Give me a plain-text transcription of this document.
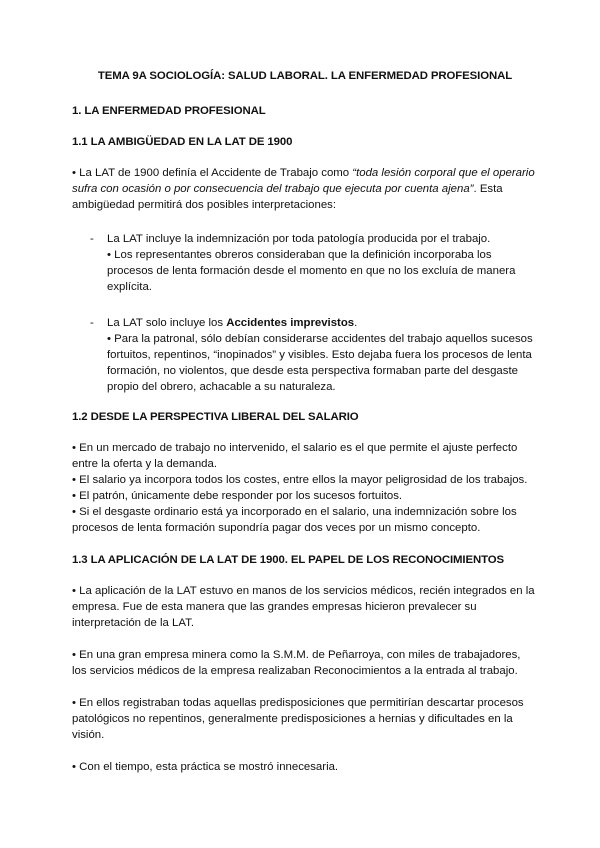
TEMA 9A SOCIOLOGÍA: SALUD LABORAL. LA ENFERMEDAD PROFESIONAL
1. LA ENFERMEDAD PROFESIONAL
1.1 LA AMBIGÜEDAD EN LA LAT DE 1900

• La LAT de 1900 definía el Accidente de Trabajo como “toda lesión corporal que el operario sufra con ocasión o por consecuencia del trabajo que ejecuta por cuenta ajena”. Esta ambigüedad permitirá dos posibles interpretaciones:

- La LAT incluye la indemnización por toda patología producida por el trabajo.
• Los representantes obreros consideraban que la definición incorporaba los procesos de lenta formación desde el momento en que no los excluía de manera explícita.
- La LAT solo incluye los Accidentes imprevistos.
• Para la patronal, sólo debían considerarse accidentes del trabajo aquellos sucesos fortuitos, repentinos, “inopinados” y visibles. Esto dejaba fuera los procesos de lenta formación, no violentos, que desde esta perspectiva formaban parte del desgaste propio del obrero, achacable a su naturaleza.
1.2 DESDE LA PERSPECTIVA LIBERAL DEL SALARIO

• En un mercado de trabajo no intervenido, el salario es el que permite el ajuste perfecto entre la oferta y la demanda.

• El salario ya incorpora todos los costes, entre ellos la mayor peligrosidad de los trabajos.

• El patrón, únicamente debe responder por los sucesos fortuitos.

• Si el desgaste ordinario está ya incorporado en el salario, una indemnización sobre los procesos de lenta formación supondría pagar dos veces por un mismo concepto.

1.3 LA APLICACIÓN DE LA LAT DE 1900. EL PAPEL DE LOS RECONOCIMIENTOS

• La aplicación de la LAT estuvo en manos de los servicios médicos, recién integrados en la empresa. Fue de esta manera que las grandes empresas hicieron prevalecer su interpretación de la LAT.

• En una gran empresa minera como la S.M.M. de Peñarroya, con miles de trabajadores, los servicios médicos de la empresa realizaban Reconocimientos a la entrada al trabajo.

• En ellos registraban todas aquellas predisposiciones que permitirían descartar procesos patológicos no repentinos, generalmente predisposiciones a hernias y dificultades en la visión.

• Con el tiempo, esta práctica se mostró innecesaria.
